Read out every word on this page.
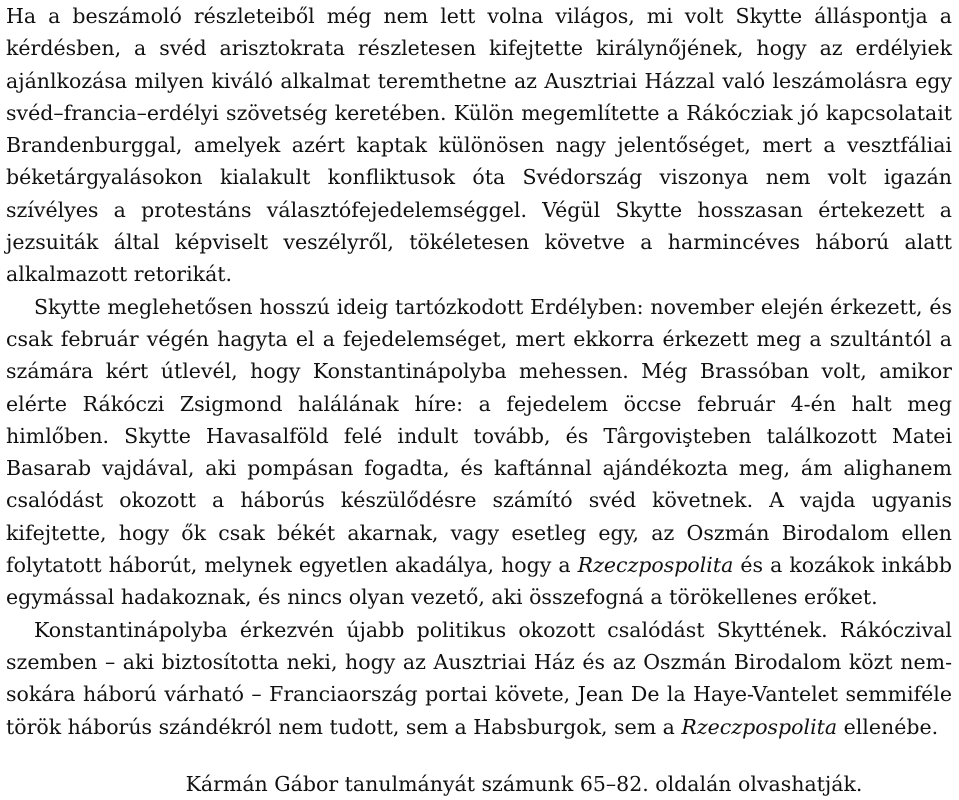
Ha a beszámoló részleteiből még nem lett volna világos, mi volt Skytte álláspontja a kérdésben, a svéd arisztokrata részletesen kifejtette királynőjének, hogy az erdélyiek ajánlkozása milyen kiváló alkalmat teremthetne az Ausztriai Házzal való leszámolásra egy svéd–francia–erdélyi szövetség keretében. Külön megemlítette a Rákócziak jó kapcsolatait Brandenburggal, amelyek azért kaptak különösen nagy jelentőséget, mert a vesztfáliai béketárgyalásokon kialakult konfliktusok óta Svédország viszonya nem volt igazán szívélyes a protestáns választófejedelemséggel. Végül Skytte hosszasan értekezett a jezsuiták által képviselt veszélyről, tökéletesen követve a harmincéves háború alatt alkalmazott retorikát.

Skytte meglehetősen hosszú ideig tartózkodott Erdélyben: november elején érkezett, és csak február végén hagyta el a fejedelemséget, mert ekkorra érkezett meg a szultántól a számára kért útlevél, hogy Konstantinápolyba mehessen. Még Brassóban volt, amikor elérte Rákóczi Zsigmond halálának híre: a fejedelem öccse február 4-én halt meg himlőben. Skytte Havasalföld felé indult tovább, és Târgovişteben találkozott Matei Basarab vajdával, aki pompásan fogadta, és kaftánnal ajándékozta meg, ám alighanem csalódást okozott a háborús készülődésre számító svéd követnek. A vajda ugyanis kifejtette, hogy ők csak békét akarnak, vagy esetleg egy, az Oszmán Birodalom ellen folytatott háborút, melynek egyetlen akadálya, hogy a Rzeczpospolita és a kozákok inkább egymással hadakoznak, és nincs olyan vezető, aki összefogná a törökellenes erőket.

Konstantinápolyba érkezvén újabb politikus okozott csalódást Skyttének. Rákóczival szemben – aki biztosította neki, hogy az Ausztriai Ház és az Oszmán Birodalom közt nemsokára háború várható – Franciaország portai követe, Jean De la Haye-Vantelet semmiféle török háborús szándékról nem tudott, sem a Habsburgok, sem a Rzeczpospolita ellenébe.

Kármán Gábor tanulmányát számunk 65–82. oldalán olvashatják.
